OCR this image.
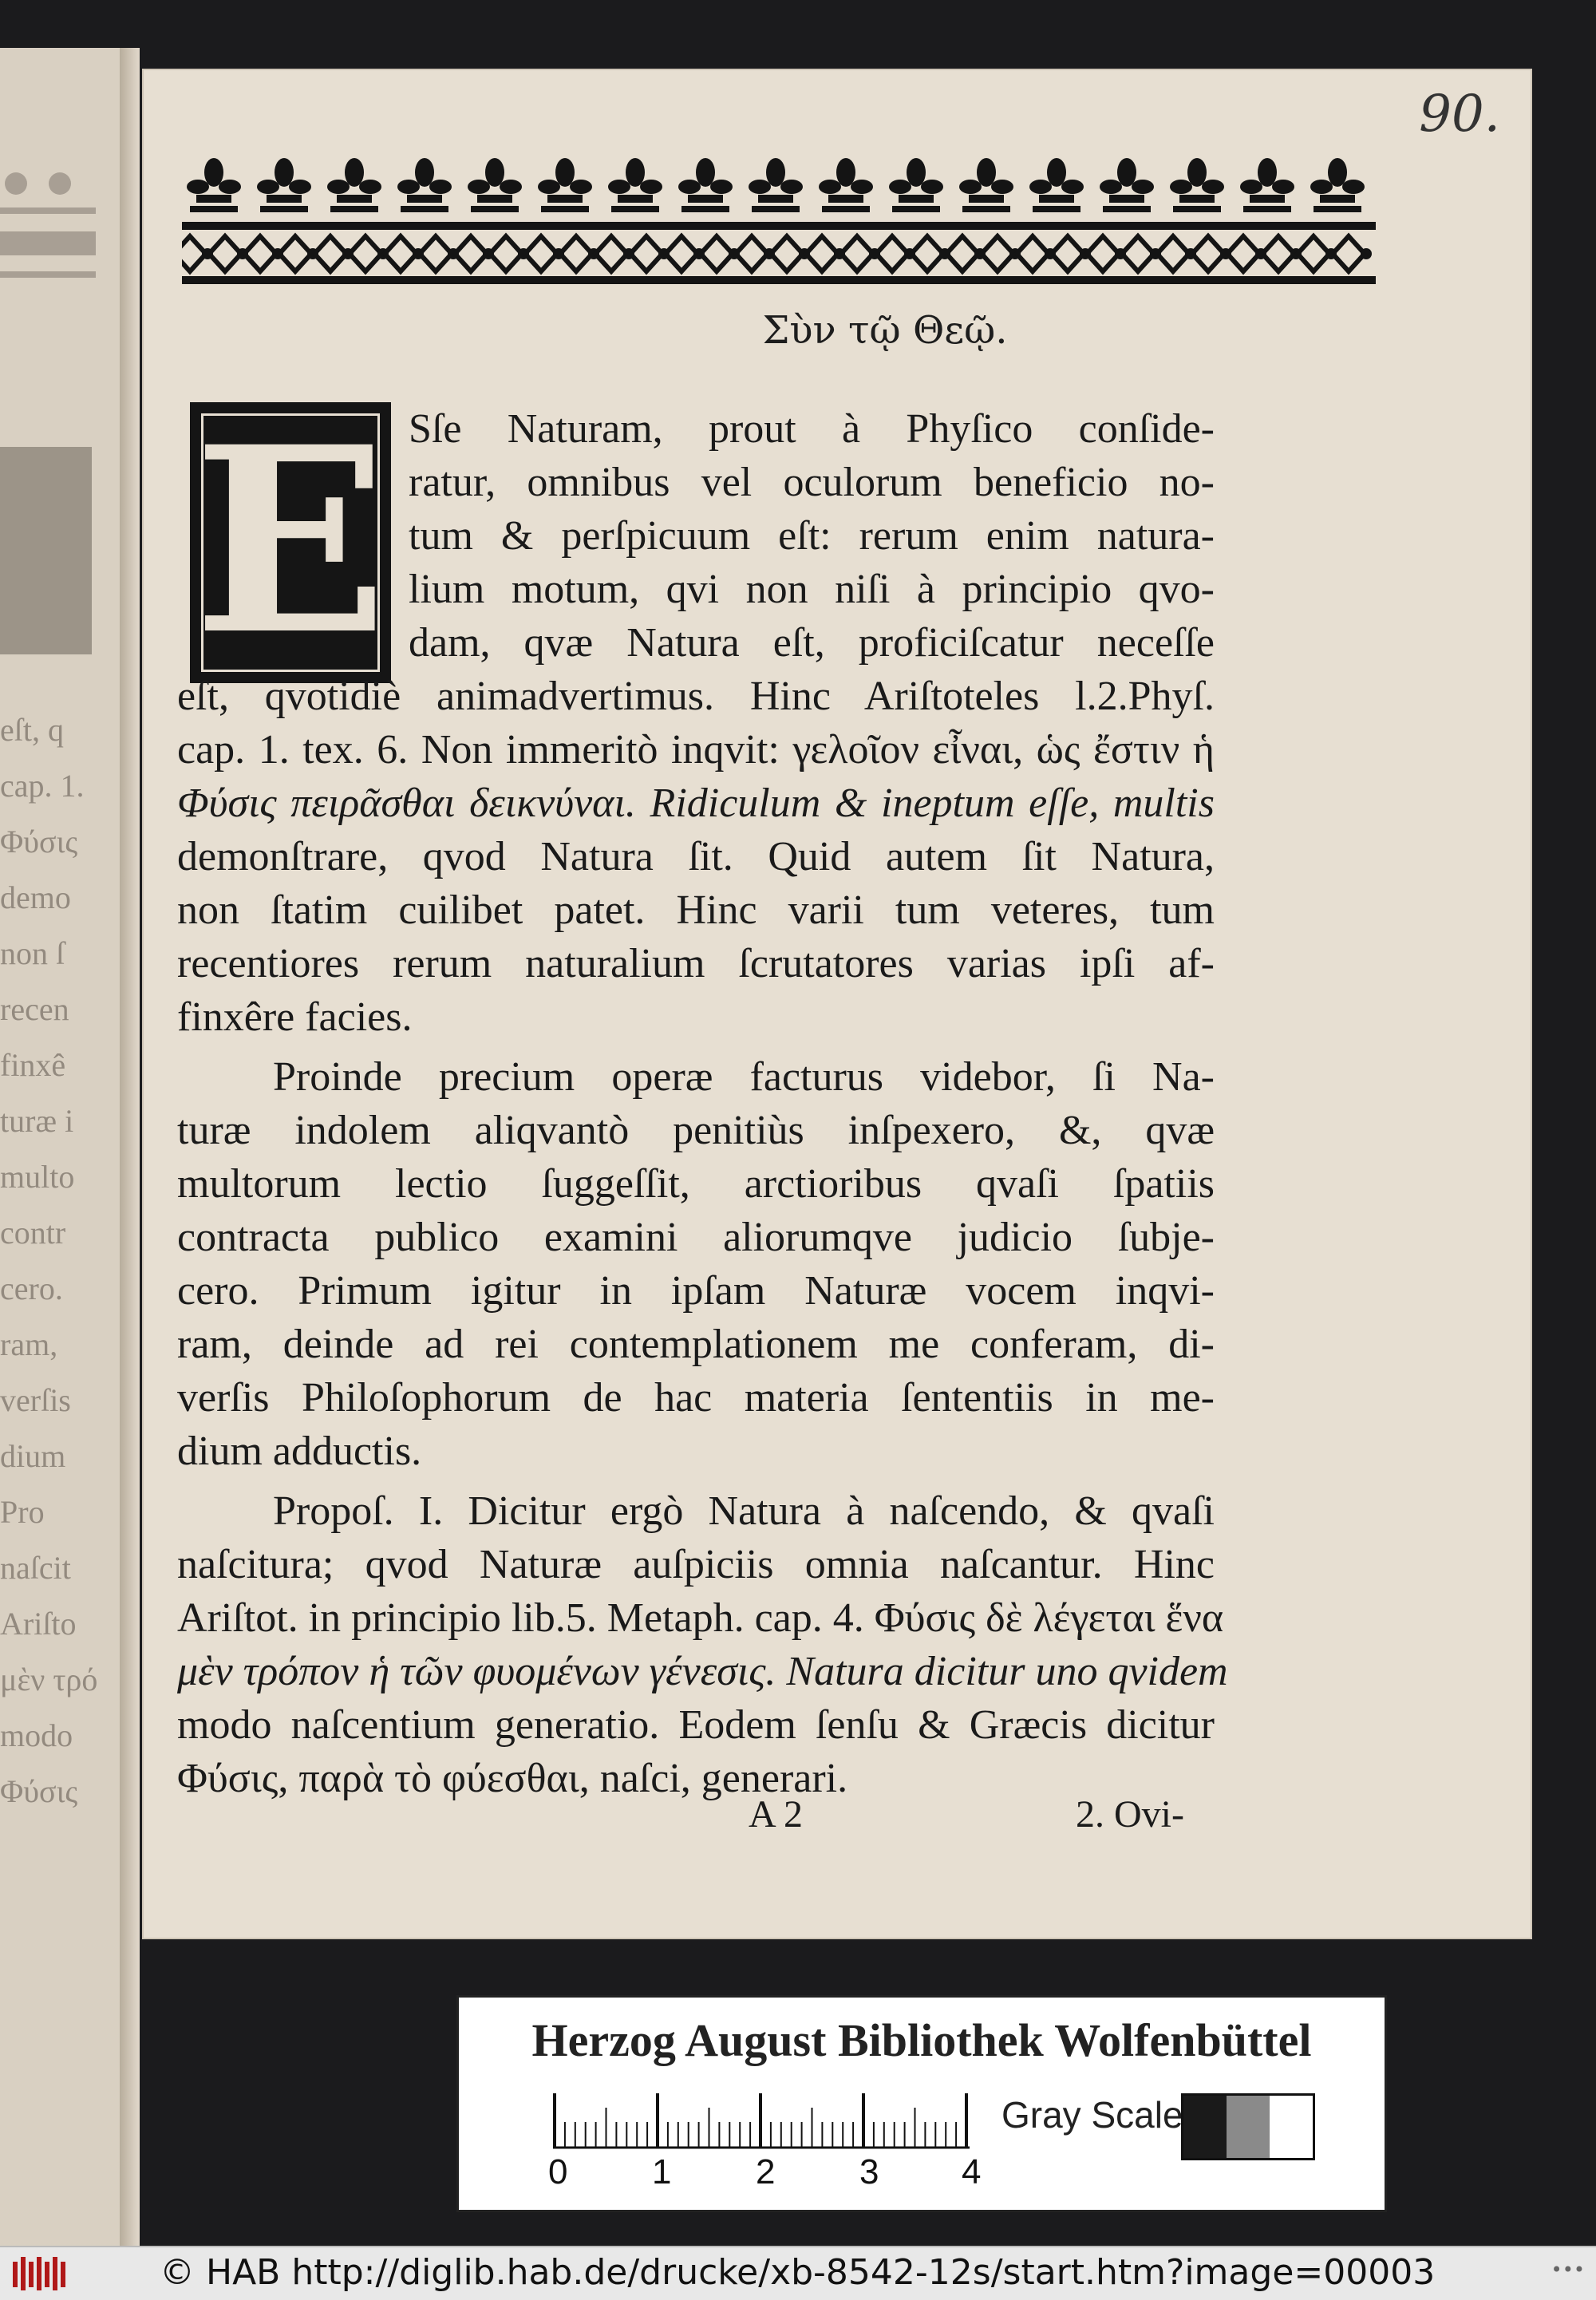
eſt, q
cap. 1.
Φύσις
demo
non ſ
recen
finxê
turæ i
multo
contr
cero.
ram,
verſis
dium
Pro
naſcit
Ariſto
μὲν τρό
modo
Φύσις
90.
Σὺν τῷ Θεῷ.
E Sſe Naturam, prout à Phyſico conſide-
ratur, omnibus vel oculorum beneficio no-
tum & perſpicuum eſt: rerum enim natura-
lium motum, qvi non niſi à principio qvo-
dam, qvæ Natura eſt, proficiſcatur neceſſe
eſt, qvotidiè animadvertimus. Hinc Ariſtoteles l.2.Phyſ.
cap. 1. tex. 6. Non immeritò inqvit: γελοῖον εἶναι, ὡς ἔστιν ἡ
Φύσις πειρᾶσθαι δεικνύναι. Ridiculum & ineptum eſſe, multis
demonſtrare, qvod Natura ſit. Quid autem ſit Natura,
non ſtatim cuilibet patet. Hinc varii tum veteres, tum
recentiores rerum naturalium ſcrutatores varias ipſi af-
finxêre facies.
Proinde precium operæ facturus videbor, ſi Na-
turæ indolem aliqvantò penitiùs inſpexero, &, qvæ
multorum lectio ſuggeſſit, arctioribus qvaſi ſpatiis
contracta publico examini aliorumqve judicio ſubje-
cero. Primum igitur in ipſam Naturæ vocem inqvi-
ram, deinde ad rei contemplationem me conferam, di-
verſis Philoſophorum de hac materia ſententiis in me-
dium adductis.
Propoſ. I. Dicitur ergò Natura à naſcendo, & qvaſi
naſcitura; qvod Naturæ auſpiciis omnia naſcantur. Hinc
Ariſtot. in principio lib.5. Metaph. cap. 4. Φύσις δὲ λέγεται ἕνα
μὲν τρόπον ἡ τῶν φυομένων γένεσις. Natura dicitur uno qvidem
modo naſcentium generatio. Eodem ſenſu & Græcis dicitur
Φύσις, παρὰ τὸ φύεσθαι, naſci, generari.
A 2	2. Ovi-
Herzog August Bibliothek Wolfenbüttel
0 1 2 3 4
Gray Scale
© HAB http://diglib.hab.de/drucke/xb-8542-12s/start.htm?image=00003	•••
